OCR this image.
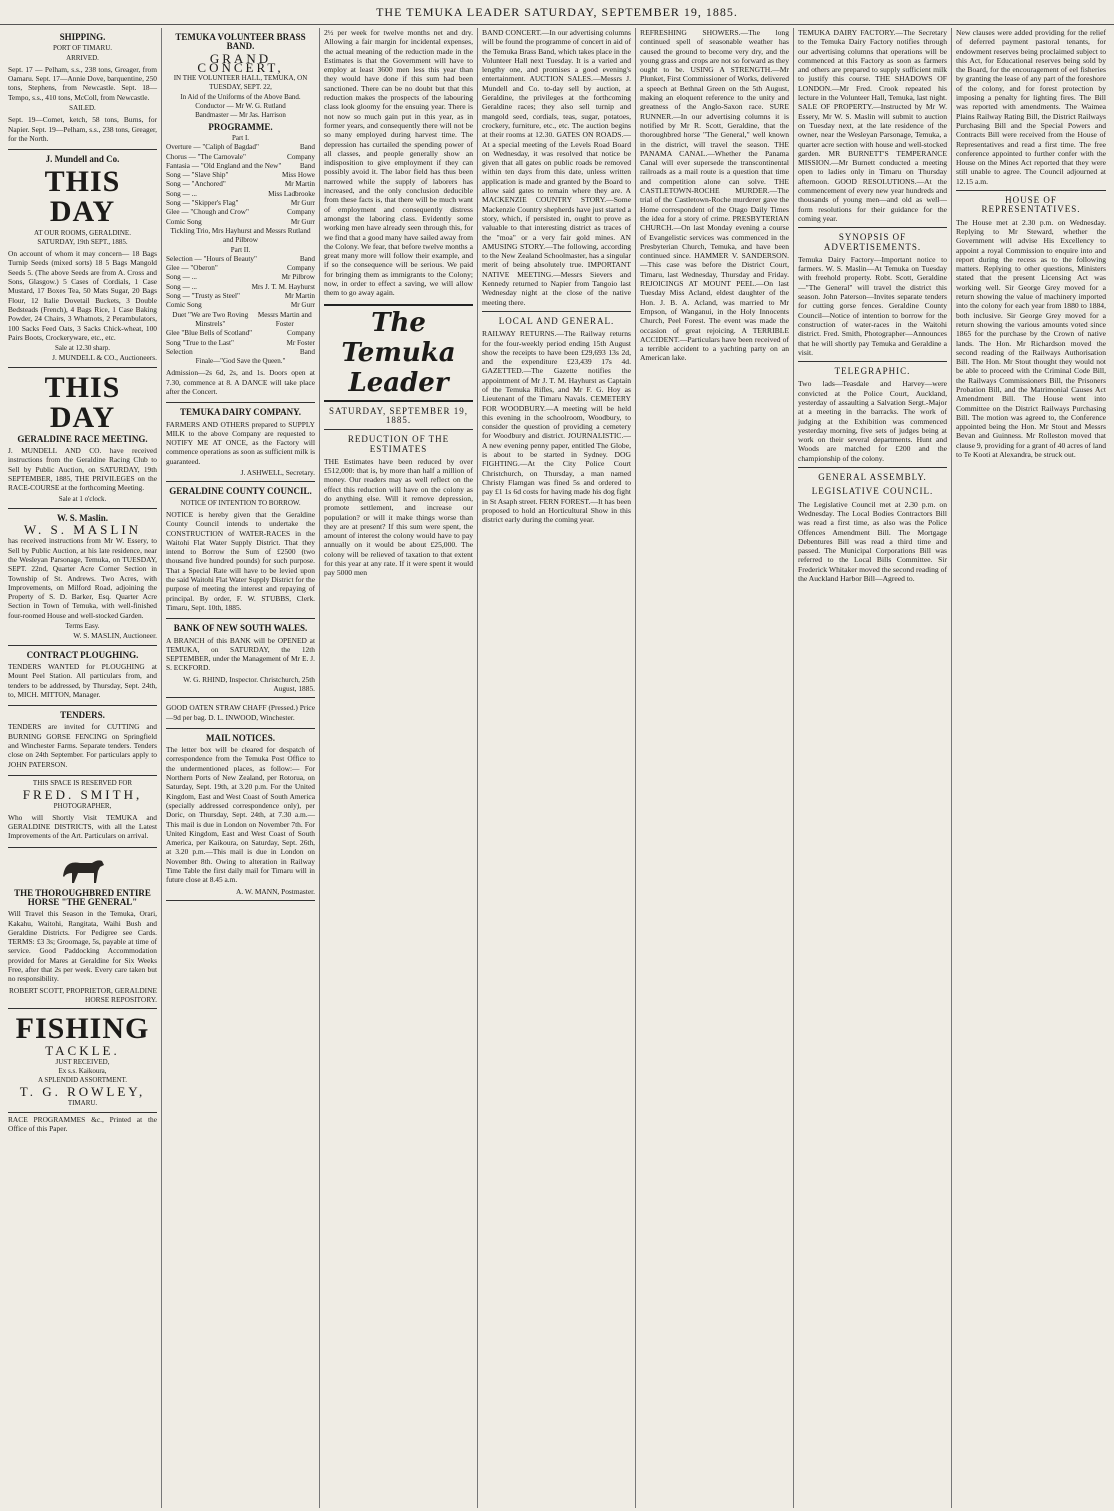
THE TEMUKA LEADER SATURDAY, SEPTEMBER 19, 1885.
SHIPPING.
PORT OF TIMARU.
ARRIVED.
Sept. 17 — Pelham, s.s., 238 tons, Greager, from Oamaru. Sept. 17—Annie Dove, barquentine, 250 tons, Stephens, from Newcastle. Sept. 18—Tempo, s.s., 410 tons, McColl, from Newcastle.
SAILED.
Sept. 19—Comet, ketch, 58 tons, Burns, for Napier. Sept. 19—Pelham, s.s., 238 tons, Greager, for the North.
J. Mundell and Co.
THIS DAY
AT OUR ROOMS, GERALDINE.
SATURDAY, 19th SEPT., 1885.
On account of whom it may concern— 18 Bags Turnip Seeds (mixed sorts) 18 5 Bags Mangold Seeds 5. (The above Seeds are from A. Cross and Sons, Glasgow.) 5 Cases of Cordials, 1 Case Mustard, 17 Boxes Tea, 50 Mats Sugar, 20 Bags Flour, 12 Italie Dovetail Buckets, 3 Double Bedsteads (French), 4 Bags Rice, 1 Case Baking Powder, 24 Chairs, 3 Whatnots, 2 Perambulators, 100 Sacks Feed Oats, 3 Sacks Chick-wheat, 100 Pairs Boots, Crockeryware, etc., etc.
Sale at 12.30 sharp.
J. MUNDELL & CO., Auctioneers.
THIS DAY
GERALDINE RACE MEETING.
J. MUNDELL AND CO. have received instructions from the Geraldine Racing Club to Sell by Public Auction, on SATURDAY, 19th SEPTEMBER, 1885, THE PRIVILEGES on the RACE-COURSE at the forthcoming Meeting.
Sale at 1 o'clock.
W. S. Maslin.
W. S. MASLIN
has received instructions from Mr W. Essery, to Sell by Public Auction, at his late residence, near the Wesleyan Parsonage, Temuka, on TUESDAY, SEPT. 22nd, Quarter Acre Corner Section in Township of St. Andrews. Two Acres, with Improvements, on Milford Road, adjoining the Property of S. D. Barker, Esq. Quarter Acre Section in Town of Temuka, with well-finished four-roomed House and well-stocked Garden.
Terms Easy.
W. S. MASLIN, Auctioneer.
CONTRACT PLOUGHING.
TENDERS WANTED for PLOUGHING at Mount Peel Station. All particulars from, and tenders to be addressed, by Thursday, Sept. 24th, to, MICH. MITTON, Manager.
TENDERS.
TENDERS are invited for CUTTING and BURNING GORSE FENCING on Springfield and Winchester Farms. Separate tenders. Tenders close on 24th September. For particulars apply to JOHN PATERSON.
THIS SPACE IS RESERVED FOR
FRED. SMITH,
PHOTOGRAPHER,
Who will Shortly Visit TEMUKA and GERALDINE DISTRICTS, with all the Latest Improvements of the Art. Particulars on arrival.
THE THOROUGHBRED ENTIRE HORSE "THE GENERAL"
Will Travel this Season in the Temuka, Orari, Kakahu, Waitohi, Rangitata, Waihi Bush and Geraldine Districts. For Pedigree see Cards. TERMS: £3 3s; Groomage, 5s, payable at time of service. Good Paddocking Accommodation provided for Mares at Geraldine for Six Weeks Free, after that 2s per week. Every care taken but no responsibility.
ROBERT SCOTT, PROPRIETOR, GERALDINE HORSE REPOSITORY.
FISHING
TACKLE.
JUST RECEIVED,
Ex s.s. Kaikoura,
A SPLENDID ASSORTMENT.
T. G. ROWLEY,
TIMARU.
RACE PROGRAMMES &c., Printed at the Office of this Paper.
TEMUKA VOLUNTEER BRASS BAND.
GRAND CONCERT,
IN THE VOLUNTEER HALL, TEMUKA, ON TUESDAY, SEPT. 22,
In Aid of the Uniforms of the Above Band.
Conductor — Mr W. G. Rutland
Bandmaster — Mr Jas. Harrison
PROGRAMME.
Part I.
Overture — "Caliph of Bagdad"	Band
Chorus — "The Carnovale"	Company
Fantasia — "Old England and the New"	Band
Song — "Slave Ship"	Miss Howe
Song — "Anchored"	Mr Martin
Song — ...	Miss Ladbrooke
Song — "Skipper's Flag"	Mr Gurr
Glee — "Chough and Crow"	Company
Comic Song	Mr Gurr
Tickling Trio, Mrs Hayhurst and Messrs Rutland and Pilbrow
Part II.
Selection — "Hours of Beauty"	Band
Glee — "Oberon"	Company
Song — ...	Mr Pilbrow
Song — ...	Mrs J. T. M. Hayhurst
Song — "Trusty as Steel"	Mr Martin
Comic Song	Mr Gurr
Duet "We are Two Roving Minstrels"
Messrs Martin and Foster
Glee "Blue Bells of Scotland"	Company
Song "True to the Last"	Mr Foster
Selection	Band
Finale—"God Save the Queen."
Admission—2s 6d, 2s, and 1s. Doors open at 7.30, commence at 8. A DANCE will take place after the Concert.
TEMUKA DAIRY COMPANY.
FARMERS AND OTHERS prepared to SUPPLY MILK to the above Company are requested to NOTIFY ME AT ONCE, as the Factory will commence operations as soon as sufficient milk is guaranteed.
J. ASHWELL, Secretary.
GERALDINE COUNTY COUNCIL.
NOTICE OF INTENTION TO BORROW.
NOTICE is hereby given that the Geraldine County Council intends to undertake the CONSTRUCTION of WATER-RACES in the Waitohi Flat Water Supply District. That they intend to Borrow the Sum of £2500 (two thousand five hundred pounds) for such purpose. That a Special Rate will have to be levied upon the said Waitohi Flat Water Supply District for the purpose of meeting the interest and repaying of principal. By order, F. W. STUBBS, Clerk. Timaru, Sept. 10th, 1885.
BANK OF NEW SOUTH WALES.
A BRANCH of this BANK will be OPENED at TEMUKA, on SATURDAY, the 12th SEPTEMBER, under the Management of Mr E. J. S. ECKFORD.
W. G. RHIND, Inspector. Christchurch, 25th August, 1885.
GOOD OATEN STRAW CHAFF (Pressed.) Price—9d per bag. D. L. INWOOD, Winchester.
MAIL NOTICES.
The letter box will be cleared for despatch of correspondence from the Temuka Post Office to the undermentioned places, as follow:— For Northern Ports of New Zealand, per Rotorua, on Saturday, Sept. 19th, at 3.20 p.m. For the United Kingdom, East and West Coast of South America (specially addressed correspondence only), per Doric, on Thursday, Sept. 24th, at 7.30 a.m.—This mail is due in London on November 7th. For United Kingdom, East and West Coast of South America, per Kaikoura, on Saturday, Sept. 26th, at 3.20 p.m.—This mail is due in London on November 8th. Owing to alteration in Railway Time Table the first daily mail for Timaru will in future close at 8.45 a.m.
A. W. MANN, Postmaster.
2½ per week for twelve months net and dry. Allowing a fair margin for incidental expenses, the actual meaning of the reduction made in the Estimates is that the Government will have to employ at least 3600 men less this year than they would have done if this sum had been sanctioned. There can be no doubt but that this reduction makes the prospects of the labouring class look gloomy for the ensuing year. There is not now so much gain put in this year, as in former years, and consequently there will not be so many employed during harvest time. The depression has curtailed the spending power of all classes, and people generally show an indisposition to give employment if they can possibly avoid it. The labor field has thus been narrowed while the supply of laborers has increased, and the only conclusion deducible from these facts is, that there will be much want of employment and consequently distress amongst the laboring class. Evidently some working men have already seen through this, for we find that a good many have sailed away from the Colony. We fear, that before twelve months a great many more will follow their example, and if so the consequence will be serious. We paid for bringing them as immigrants to the Colony; now, in order to effect a saving, we will allow them to go away again.
The Temuka Leader
SATURDAY, SEPTEMBER 19, 1885.
REDUCTION OF THE ESTIMATES
THE Estimates have been reduced by over £512,000: that is, by more than half a million of money. Our readers may as well reflect on the effect this reduction will have on the colony as do anything else. Will it remove depression, promote settlement, and increase our population? or will it make things worse than they are at present? If this sum were spent, the amount of interest the colony would have to pay annually on it would be about £25,000. The colony will be relieved of taxation to that extent for this year at any rate. If it were spent it would pay 5000 men
BAND CONCERT.—In our advertising columns will be found the programme of concert in aid of the Temuka Brass Band, which takes place in the Volunteer Hall next Tuesday. It is a varied and lengthy one, and promises a good evening's entertainment. AUCTION SALES.—Messrs J. Mundell and Co. to-day sell by auction, at Geraldine, the privileges at the forthcoming Geraldine races; they also sell turnip and mangold seed, cordials, teas, sugar, potatoes, crockery, furniture, etc., etc. The auction begins at their rooms at 12.30. GATES ON ROADS.—At a special meeting of the Levels Road Board on Wednesday, it was resolved that notice be given that all gates on public roads be removed within ten days from this date, unless written application is made and granted by the Board to allow said gates to remain where they are. A MACKENZIE COUNTRY STORY.—Some Mackenzie Country shepherds have just started a story, which, if persisted in, ought to prove as valuable to that interesting district as traces of the "moa" or a very fair gold mines. AN AMUSING STORY.—The following, according to the New Zealand Schoolmaster, has a singular merit of being absolutely true. IMPORTANT NATIVE MEETING.—Messrs Sievers and Kennedy returned to Napier from Tangoio last Wednesday night at the close of the native meeting there.
LOCAL AND GENERAL.
RAILWAY RETURNS.—The Railway returns for the four-weekly period ending 15th August show the receipts to have been £29,693 13s 2d, and the expenditure £23,439 17s 4d. GAZETTED.—The Gazette notifies the appointment of Mr J. T. M. Hayhurst as Captain of the Temuka Rifles, and Mr F. G. Hoy as Lieutenant of the Timaru Navals. CEMETERY FOR WOODBURY.—A meeting will be held this evening in the schoolroom, Woodbury, to consider the question of providing a cemetery for Woodbury and district. JOURNALISTIC.—A new evening penny paper, entitled The Globe, is about to be started in Sydney. DOG FIGHTING.—At the City Police Court Christchurch, on Thursday, a man named Christy Flamgan was fined 5s and ordered to pay £1 1s 6d costs for having made his dog fight in St Asaph street. FERN FOREST.—It has been proposed to hold an Horticultural Show in this district early during the coming year.
REFRESHING SHOWERS.—The long continued spell of seasonable weather has caused the ground to become very dry, and the young grass and crops are not so forward as they ought to be. USING A STRENGTH.—Mr Plunket, First Commissioner of Works, delivered a speech at Bethnal Green on the 5th August, making an eloquent reference to the unity and greatness of the Anglo-Saxon race. SURE RUNNER.—In our advertising columns it is notified by Mr R. Scott, Geraldine, that the thoroughbred horse "The General," well known in the district, will travel the season. THE PANAMA CANAL.—Whether the Panama Canal will ever supersede the transcontinental railroads as a mail route is a question that time and competition alone can solve. THE CASTLETOWN-ROCHE MURDER.—The trial of the Castletown-Roche murderer gave the Home correspondent of the Otago Daily Times the idea for a story of crime. PRESBYTERIAN CHURCH.—On last Monday evening a course of Evangelistic services was commenced in the Presbyterian Church, Temuka, and have been continued since. HAMMER V. SANDERSON.—This case was before the District Court, Timaru, last Wednesday, Thursday and Friday. REJOICINGS AT MOUNT PEEL.—On last Tuesday Miss Acland, eldest daughter of the Hon. J. B. A. Acland, was married to Mr Empson, of Wanganui, in the Holy Innocents Church, Peel Forest. The event was made the occasion of great rejoicing. A TERRIBLE ACCIDENT.—Particulars have been received of a terrible accident to a yachting party on an American lake.
TEMUKA DAIRY FACTORY.—The Secretary to the Temuka Dairy Factory notifies through our advertising columns that operations will be commenced at this Factory as soon as farmers and others are prepared to supply sufficient milk to justify this course. THE SHADOWS OF LONDON.—Mr Fred. Crook repeated his lecture in the Volunteer Hall, Temuka, last night. SALE OF PROPERTY.—Instructed by Mr W. Essery, Mr W. S. Maslin will submit to auction on Tuesday next, at the late residence of the owner, near the Wesleyan Parsonage, Temuka, a quarter acre section with house and well-stocked garden. MR BURNETT'S TEMPERANCE MISSION.—Mr Burnett conducted a meeting open to ladies only in Timaru on Thursday afternoon. GOOD RESOLUTIONS.—At the commencement of every new year hundreds and thousands of young men—and old as well—form resolutions for their guidance for the coming year.
SYNOPSIS OF ADVERTISEMENTS.
Temuka Dairy Factory—Important notice to farmers. W. S. Maslin—At Temuka on Tuesday with freehold property. Robt. Scott, Geraldine—"The General" will travel the district this season. John Paterson—Invites separate tenders for cutting gorse fences. Geraldine County Council—Notice of intention to borrow for the construction of water-races in the Waitohi district. Fred. Smith, Photographer—Announces that he will shortly pay Temuka and Geraldine a visit.
TELEGRAPHIC.
Two lads—Teasdale and Harvey—were convicted at the Police Court, Auckland, yesterday of assaulting a Salvation Sergt.-Major at a meeting in the barracks. The work of judging at the Exhibition was commenced yesterday morning, five sets of judges being at work on their several departments. Hunt and Woods are matched for £200 and the championship of the colony.
GENERAL ASSEMBLY.
LEGISLATIVE COUNCIL.
The Legislative Council met at 2.30 p.m. on Wednesday. The Local Bodies Contractors Bill was read a first time, as also was the Police Offences Amendment Bill. The Mortgage Debentures Bill was read a third time and passed. The Municipal Corporations Bill was referred to the Local Bills Committee. Sir Frederick Whitaker moved the second reading of the Auckland Harbor Bill—Agreed to.
New clauses were added providing for the relief of deferred payment pastoral tenants, for endowment reserves being proclaimed subject to this Act, for Educational reserves being sold by the Board, for the encouragement of eel fisheries by granting the lease of any part of the foreshore of the colony, and for forest protection by imposing a penalty for lighting fires. The Bill was reported with amendments. The Waimea Plains Railway Rating Bill, the District Railways Purchasing Bill and the Special Powers and Contracts Bill were received from the House of Representatives and read a first time. The free conference appointed to further confer with the House on the Mines Act reported that they were still unable to agree. The Council adjourned at 12.15 a.m.
HOUSE OF REPRESENTATIVES.
The House met at 2.30 p.m. on Wednesday. Replying to Mr Steward, whether the Government will advise His Excellency to appoint a royal Commission to enquire into and report during the recess as to the following matters. Replying to other questions, Ministers stated that the present Licensing Act was working well. Sir George Grey moved for a return showing the value of machinery imported into the colony for each year from 1880 to 1884, both inclusive. Sir George Grey moved for a return showing the various amounts voted since 1865 for the purchase by the Crown of native lands. The Hon. Mr Richardson moved the second reading of the Railways Authorisation Bill. The Hon. Mr Stout thought they would not be able to proceed with the Criminal Code Bill, the Railways Commissioners Bill, the Prisoners Probation Bill, and the Matrimonial Causes Act Amendment Bill. The House went into Committee on the District Railways Purchasing Bill. The motion was agreed to, the Conference appointed being the Hon. Mr Stout and Messrs Bevan and Guinness. Mr Rolleston moved that clause 9, providing for a grant of 40 acres of land to Te Kooti at Alexandra, be struck out.
